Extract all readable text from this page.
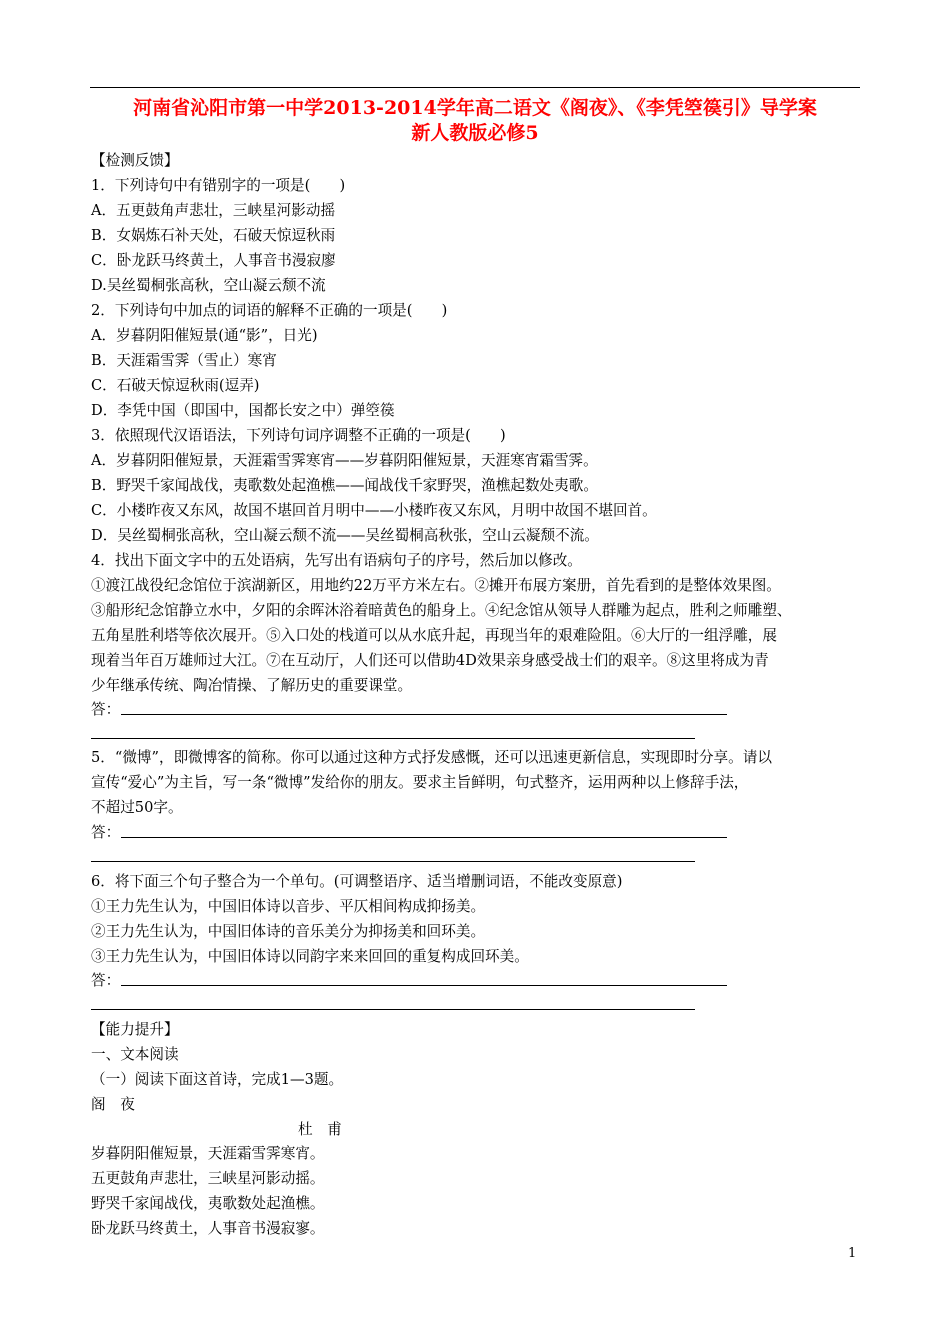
河南省沁阳市第一中学2013-2014学年高二语文《阁夜》、《李凭箜篌引》导学案
新人教版必修5
【检测反馈】
1．下列诗句中有错别字的一项是(　　)
A．五更鼓角声悲壮，三峡星河影动摇
B．女娲炼石补天处，石破天惊逗秋雨
C．卧龙跃马终黄土，人事音书漫寂廖
D.吴丝蜀桐张高秋，空山凝云颓不流
2．下列诗句中加点的词语的解释不正确的一项是(　　)
A．岁暮阴阳催短景(通“影”，日光)
B．天涯霜雪霁（雪止）寒宵
C．石破天惊逗秋雨(逗弄)
D．李凭中国（即国中，国都长安之中）弹箜篌
3．依照现代汉语语法，下列诗句词序调整不正确的一项是(　　)
A．岁暮阴阳催短景，天涯霜雪霁寒宵——岁暮阴阳催短景，天涯寒宵霜雪霁。
B．野哭千家闻战伐，夷歌数处起渔樵——闻战伐千家野哭，渔樵起数处夷歌。
C．小楼昨夜又东风，故国不堪回首月明中——小楼昨夜又东风，月明中故国不堪回首。
D．吴丝蜀桐张高秋，空山凝云颓不流——吴丝蜀桐高秋张，空山云凝颓不流。
4．找出下面文字中的五处语病，先写出有语病句子的序号，然后加以修改。
①渡江战役纪念馆位于滨湖新区，用地约22万平方米左右。②摊开布展方案册，首先看到的是整体效果图。
③船形纪念馆静立水中，夕阳的余晖沐浴着暗黄色的船身上。④纪念馆从领导人群雕为起点，胜利之师雕塑、
五角星胜利塔等依次展开。⑤入口处的栈道可以从水底升起，再现当年的艰难险阻。⑥大厅的一组浮雕，展
现着当年百万雄师过大江。⑦在互动厅，人们还可以借助4D效果亲身感受战士们的艰辛。⑧这里将成为青
少年继承传统、陶冶情操、了解历史的重要课堂。
答：
5．“微博”，即微博客的简称。你可以通过这种方式抒发感慨，还可以迅速更新信息，实现即时分享。请以
宣传“爱心”为主旨，写一条“微博”发给你的朋友。要求主旨鲜明，句式整齐，运用两种以上修辞手法，
不超过50字。
答：
6．将下面三个句子整合为一个单句。(可调整语序、适当增删词语，不能改变原意)
①王力先生认为，中国旧体诗以音步、平仄相间构成抑扬美。
②王力先生认为，中国旧体诗的音乐美分为抑扬美和回环美。
③王力先生认为，中国旧体诗以同韵字来来回回的重复构成回环美。
答：
【能力提升】
一、文本阅读
（一）阅读下面这首诗，完成1—3题。
阁　夜
杜　甫
岁暮阴阳催短景，天涯霜雪霁寒宵。
五更鼓角声悲壮，三峡星河影动摇。
野哭千家闻战伐，夷歌数处起渔樵。
卧龙跃马终黄土，人事音书漫寂寥。
1
